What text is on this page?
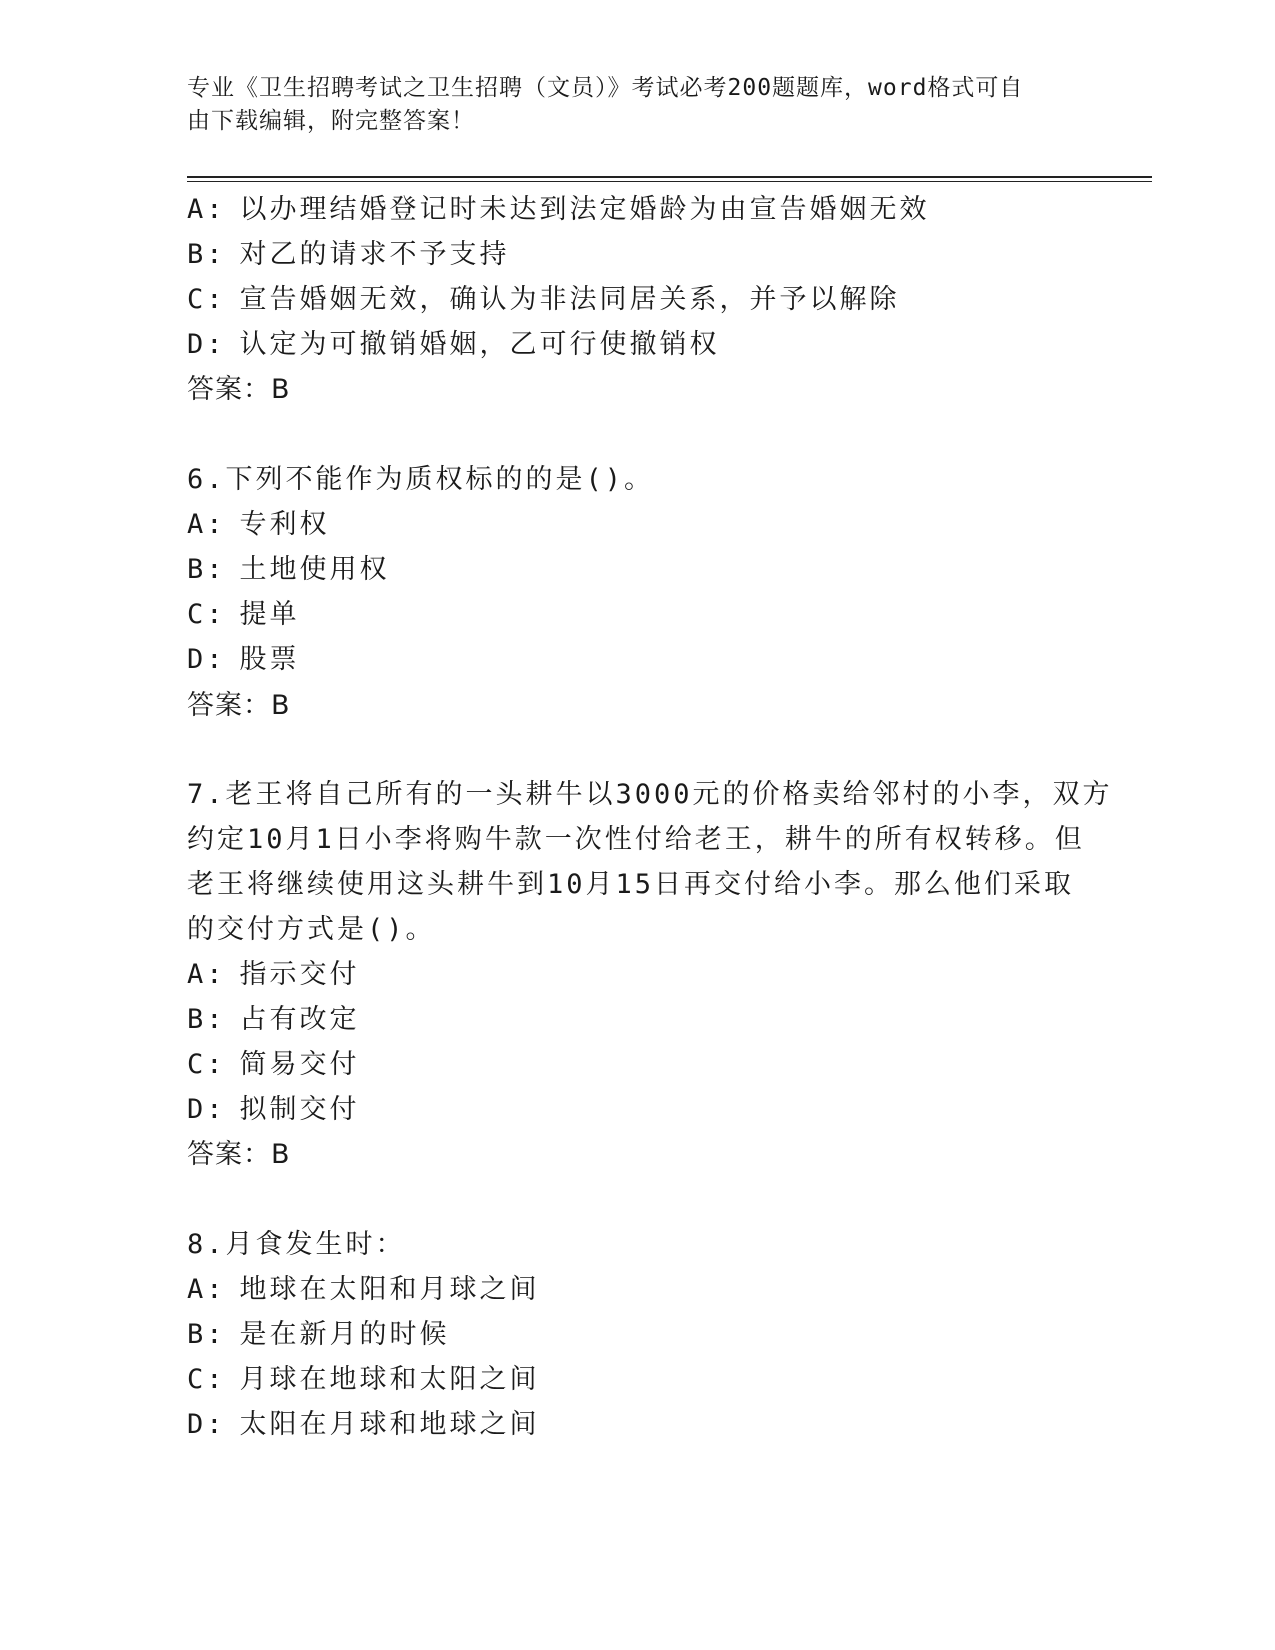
专业《卫生招聘考试之卫生招聘（文员）》考试必考200题题库，word格式可自
由下载编辑，附完整答案！
A: 以办理结婚登记时未达到法定婚龄为由宣告婚姻无效
B: 对乙的请求不予支持
C: 宣告婚姻无效，确认为非法同居关系，并予以解除
D: 认定为可撤销婚姻，乙可行使撤销权
答案：B
6.下列不能作为质权标的的是()。
A: 专利权
B: 土地使用权
C: 提单
D: 股票
答案：B
7.老王将自己所有的一头耕牛以3000元的价格卖给邻村的小李，双方
约定10月1日小李将购牛款一次性付给老王，耕牛的所有权转移。但
老王将继续使用这头耕牛到10月15日再交付给小李。那么他们采取
的交付方式是()。
A: 指示交付
B: 占有改定
C: 简易交付
D: 拟制交付
答案：B
8.月食发生时：
A: 地球在太阳和月球之间
B: 是在新月的时候
C: 月球在地球和太阳之间
D: 太阳在月球和地球之间
